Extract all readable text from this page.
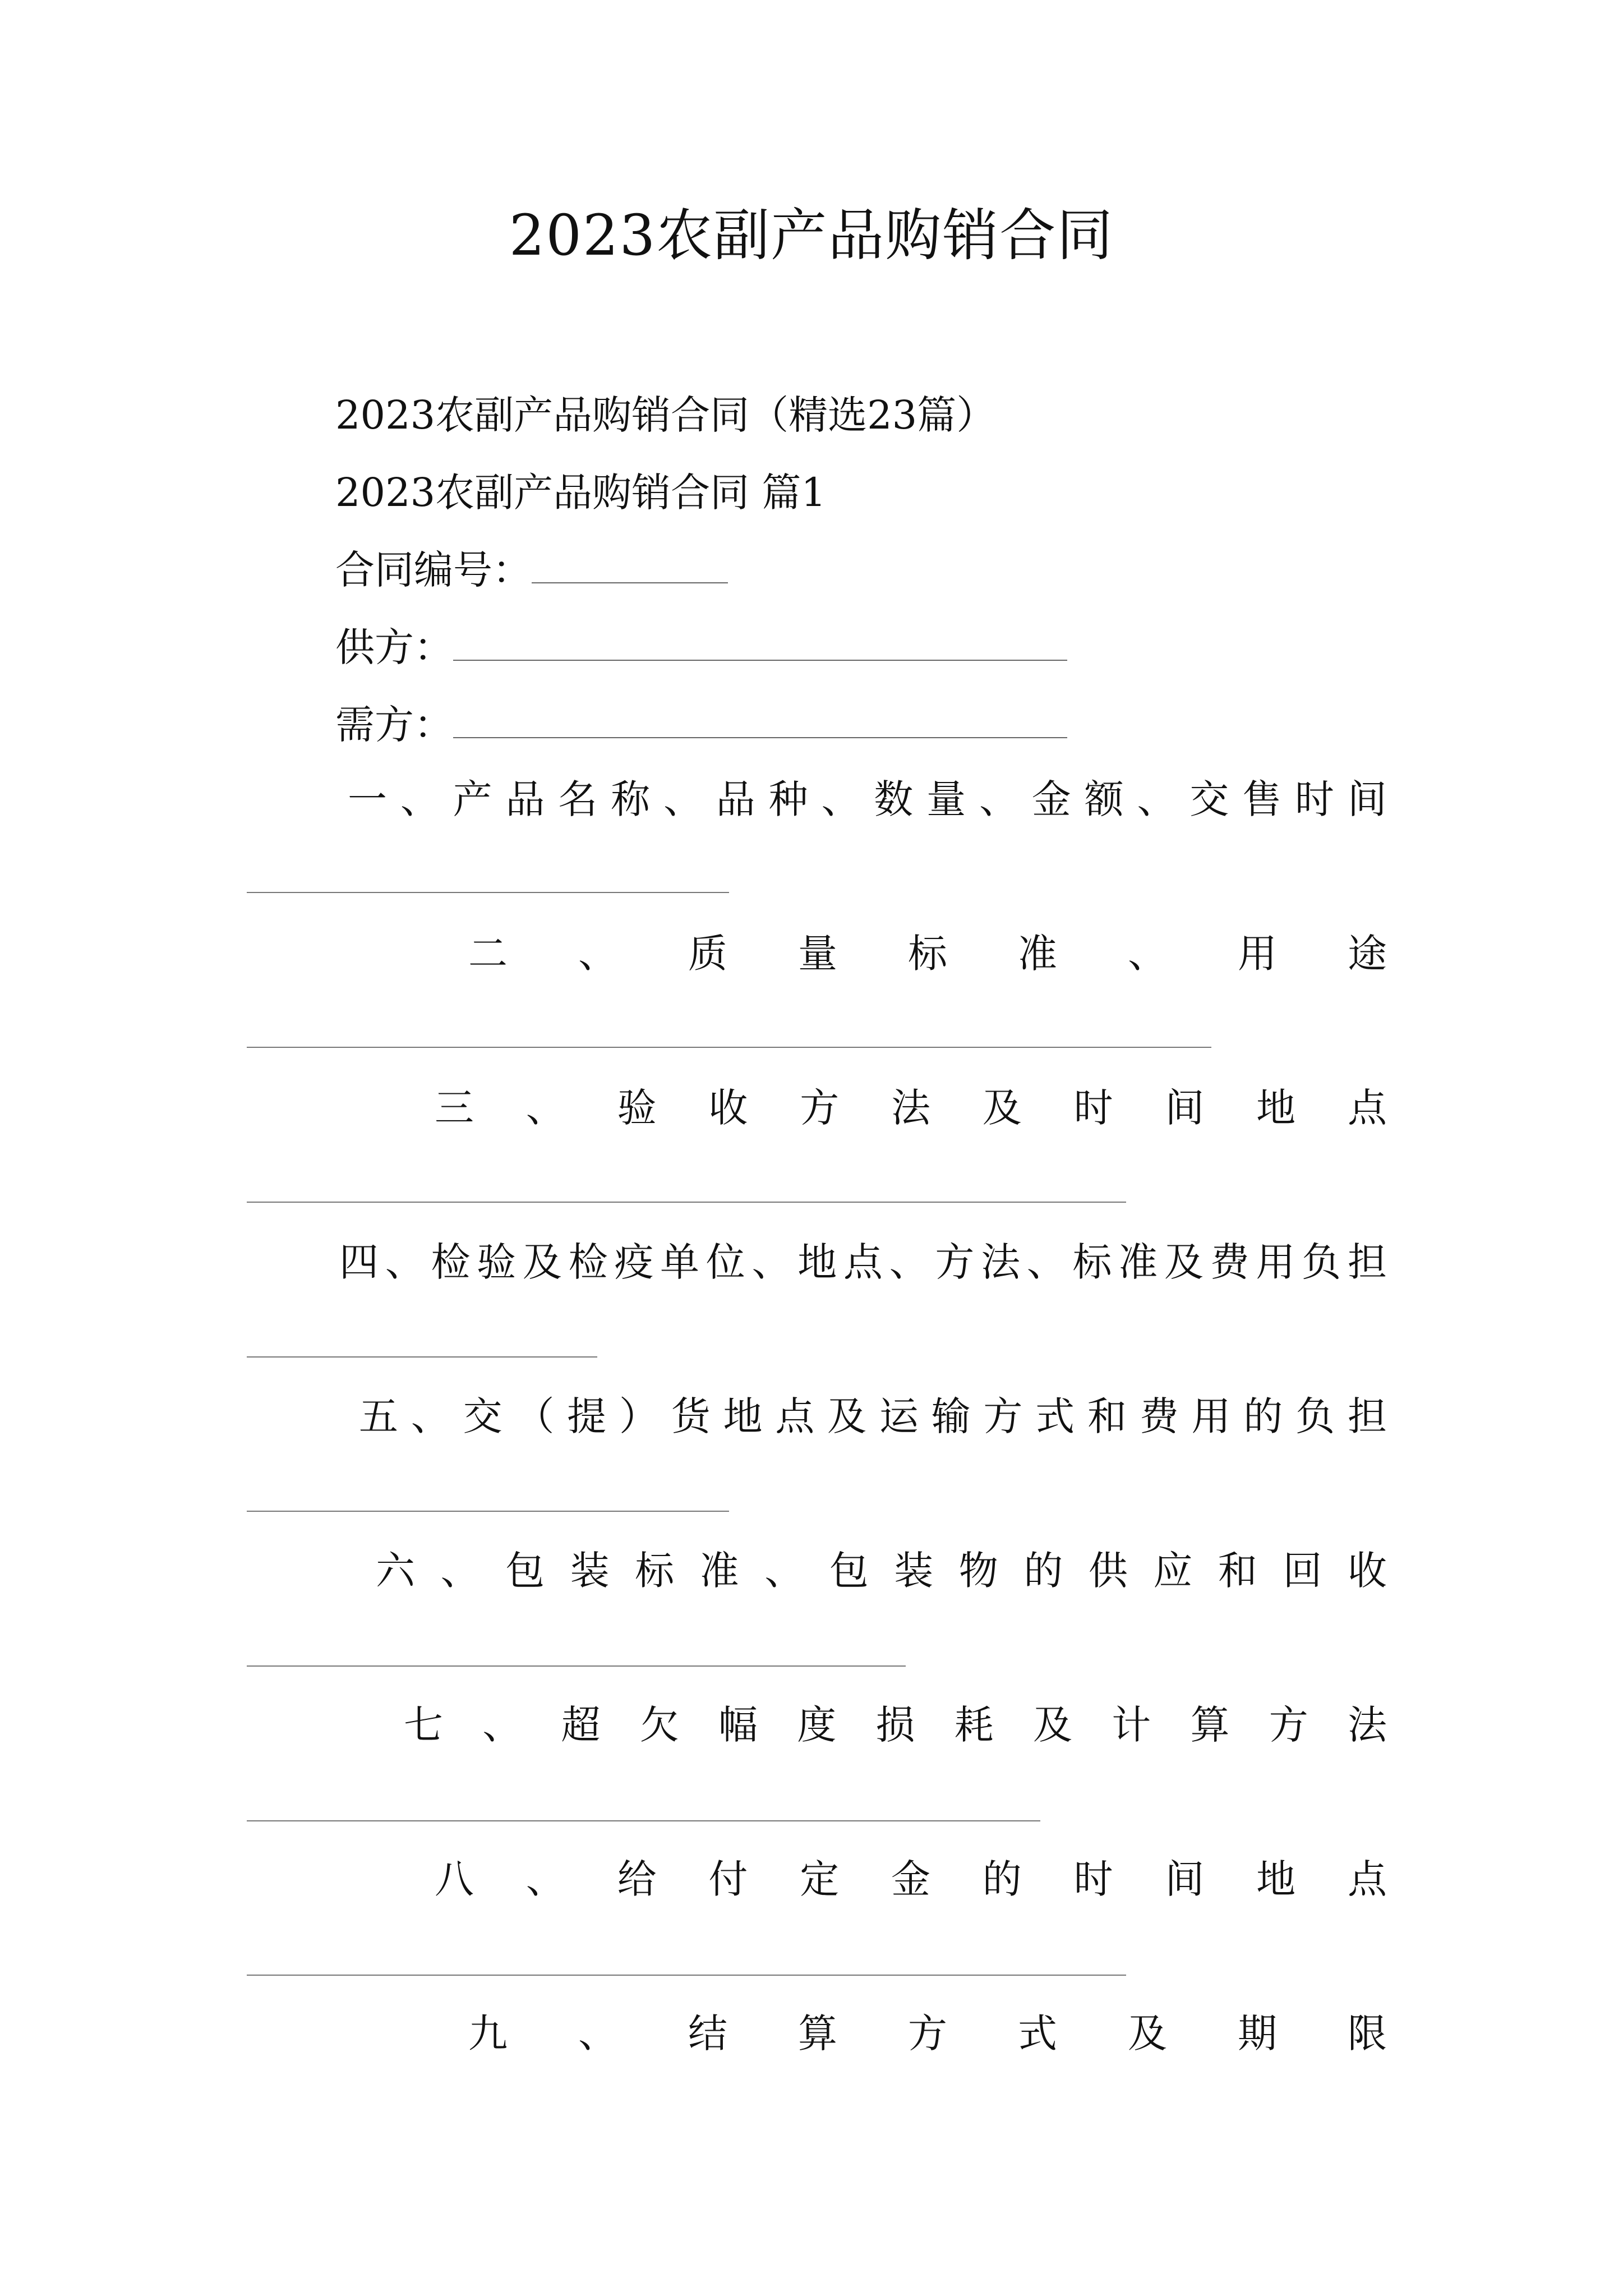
2023农副产品购销合同
2023农副产品购销合同（精选23篇）
2023农副产品购销合同 篇1
合同编号：
供方：
需方：
一 、 产 品 名 称 、 品 种 、 数 量 、 金 额 、 交 售 时 间
二 、 质 量 标 准 、 用 途
三 、 验 收 方 法 及 时 间 地 点
四 、 检 验 及 检 疫 单 位 、 地 点 、 方 法 、 标 准 及 费 用 负 担
五 、 交 （ 提 ） 货 地 点 及 运 输 方 式 和 费 用 的 负 担
六 、 包 装 标 准 、 包 装 物 的 供 应 和 回 收
七 、 超 欠 幅 度 损 耗 及 计 算 方 法
八 、 给 付 定 金 的 时 间 地 点
九 、 结 算 方 式 及 期 限
